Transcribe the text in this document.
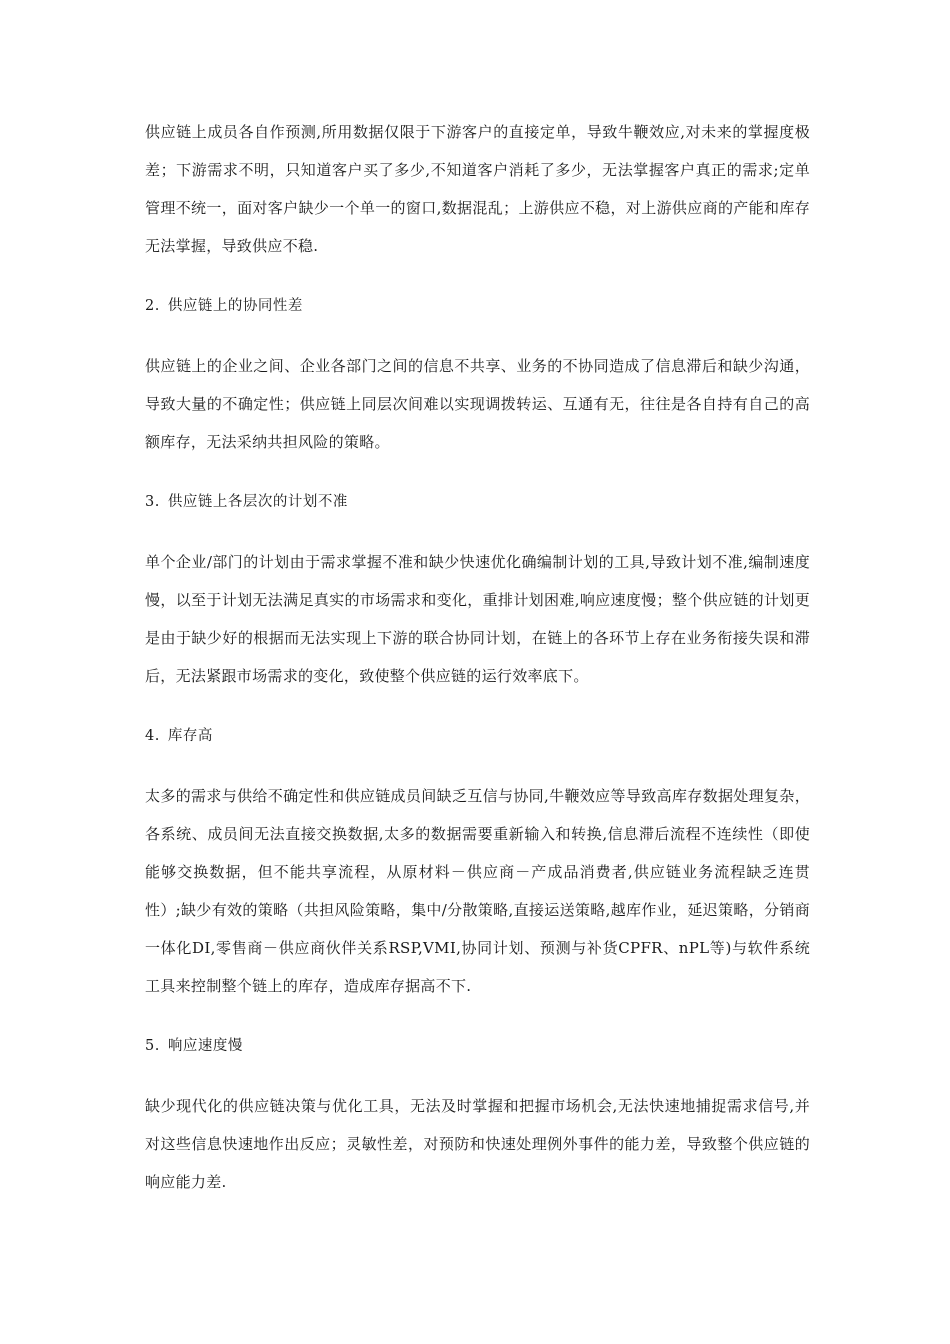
供应链上成员各自作预测,所用数据仅限于下游客户的直接定单，导致牛鞭效应,对未来的掌握度极差；下游需求不明，只知道客户买了多少,不知道客户消耗了多少，无法掌握客户真正的需求;定单管理不统一，面对客户缺少一个单一的窗口,数据混乱；上游供应不稳，对上游供应商的产能和库存无法掌握，导致供应不稳.

2. 供应链上的协同性差

供应链上的企业之间、企业各部门之间的信息不共享、业务的不协同造成了信息滞后和缺少沟通，导致大量的不确定性；供应链上同层次间难以实现调拨转运、互通有无，往往是各自持有自己的高额库存，无法采纳共担风险的策略。

3. 供应链上各层次的计划不准

单个企业/部门的计划由于需求掌握不准和缺少快速优化确编制计划的工具,导致计划不准,编制速度慢，以至于计划无法满足真实的市场需求和变化，重排计划困难,响应速度慢；整个供应链的计划更是由于缺少好的根据而无法实现上下游的联合协同计划，在链上的各环节上存在业务衔接失误和滞后，无法紧跟市场需求的变化，致使整个供应链的运行效率底下。

4. 库存高

太多的需求与供给不确定性和供应链成员间缺乏互信与协同,牛鞭效应等导致高库存数据处理复杂，各系统、成员间无法直接交换数据,太多的数据需要重新输入和转换,信息滞后流程不连续性（即使能够交换数据，但不能共享流程，从原材料－供应商－产成品消费者,供应链业务流程缺乏连贯性）;缺少有效的策略（共担风险策略，集中/分散策略,直接运送策略,越库作业，延迟策略，分销商一体化DI,零售商－供应商伙伴关系RSP,VMI,协同计划、预测与补货CPFR、nPL等)与软件系统工具来控制整个链上的库存，造成库存据高不下.

5. 响应速度慢

缺少现代化的供应链决策与优化工具，无法及时掌握和把握市场机会,无法快速地捕捉需求信号,并对这些信息快速地作出反应；灵敏性差，对预防和快速处理例外事件的能力差，导致整个供应链的响应能力差.
